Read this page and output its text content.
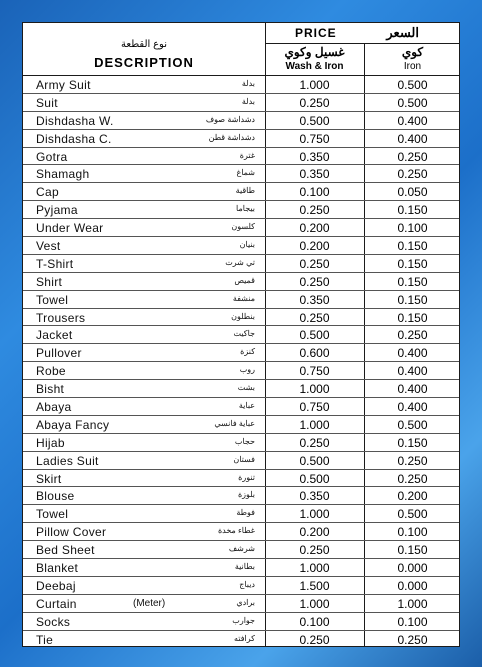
PRICE	السعر
نوع القطعة
DESCRIPTION
غسيل وكوي
Wash & Iron
كوي
Iron
Army Suit	بدلة	1.000	0.500
Suit	بدلة	0.250	0.500
Dishdasha W.	دشداشة صوف	0.500	0.400
Dishdasha C.	دشداشة قطن	0.750	0.400
Gotra	غترة	0.350	0.250
Shamagh	شماغ	0.350	0.250
Cap	طاقية	0.100	0.050
Pyjama	بيجاما	0.250	0.150
Under Wear	كلسون	0.200	0.100
Vest	بنيان	0.200	0.150
T-Shirt	تي شرت	0.250	0.150
Shirt	قميص	0.250	0.150
Towel	منشفة	0.350	0.150
Trousers	بنطلون	0.250	0.150
Jacket	جاكيت	0.500	0.250
Pullover	كنزة	0.600	0.400
Robe	روب	0.750	0.400
Bisht	بشت	1.000	0.400
Abaya	عباية	0.750	0.400
Abaya Fancy	عباية فانسي	1.000	0.500
Hijab	حجاب	0.250	0.150
Ladies Suit	فستان	0.500	0.250
Skirt	تنورة	0.500	0.250
Blouse	بلوزة	0.350	0.200
Towel	فوطة	1.000	0.500
Pillow Cover	غطاء مخدة	0.200	0.100
Bed Sheet	شرشف	0.250	0.150
Blanket	بطانية	1.000	0.000
Deebaj	ديباج	1.500	0.000
Curtain	(Meter)	برادي	1.000	1.000
Socks	جوارب	0.100	0.100
Tie	كرافته	0.250	0.250
